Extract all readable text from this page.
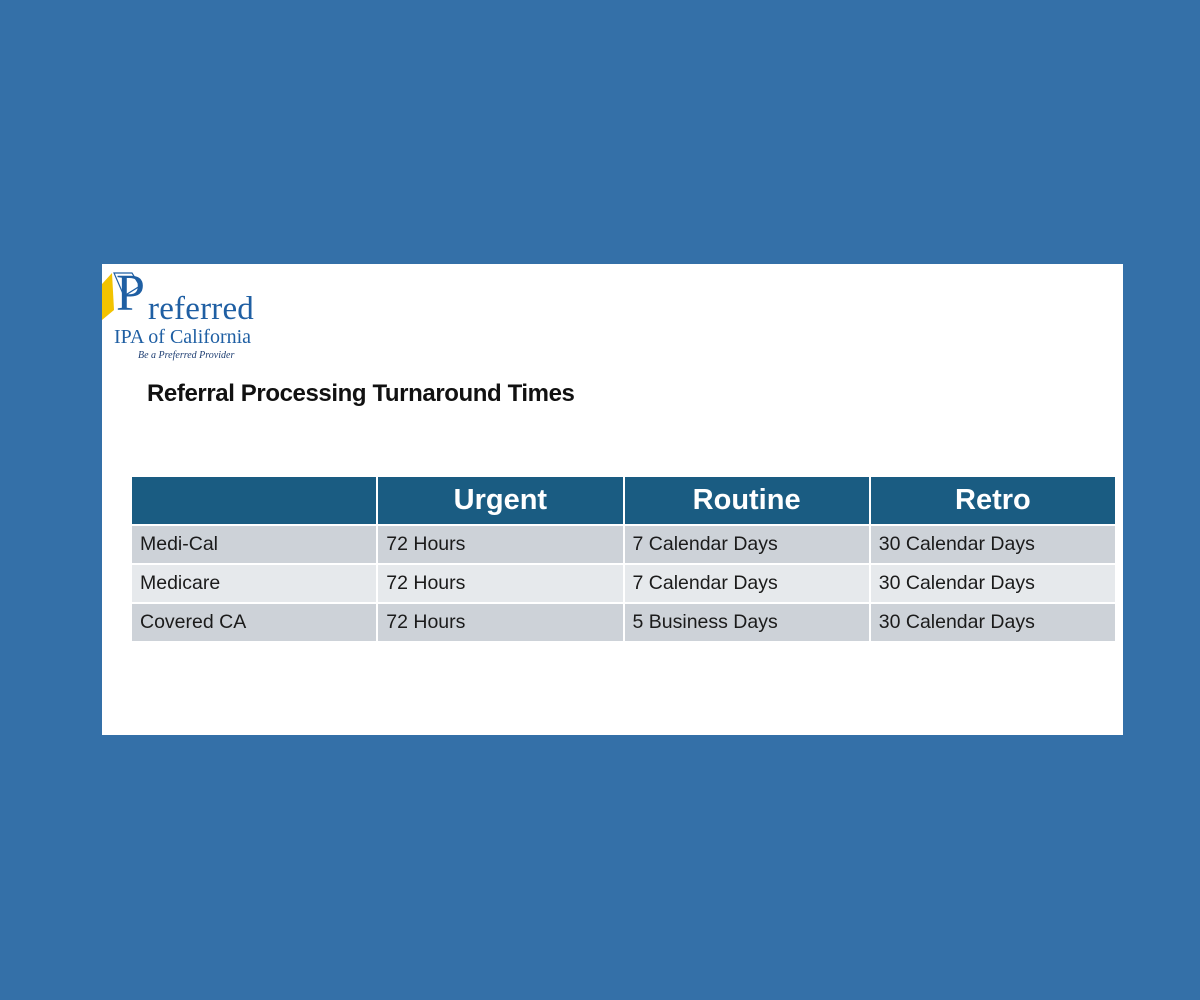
P referred
IPA of California
Be a Preferred Provider
Referral Processing Turnaround Times
	Urgent	Routine	Retro
Medi-Cal	72 Hours	7 Calendar Days	30 Calendar Days
Medicare	72 Hours	7 Calendar Days	30 Calendar Days
Covered CA	72 Hours	5 Business Days	30 Calendar Days
